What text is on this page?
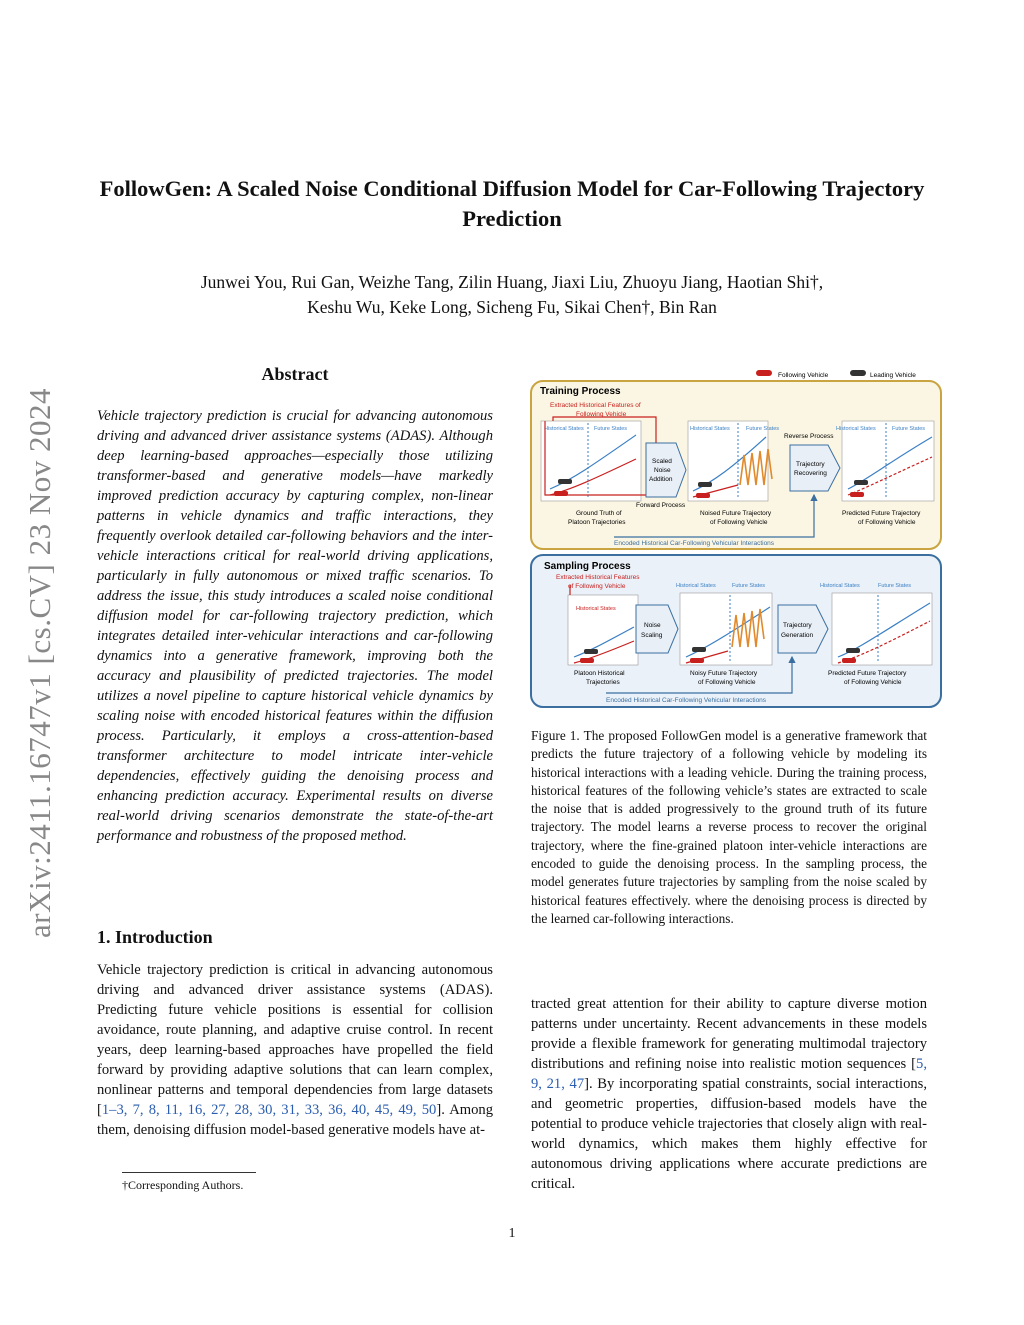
FollowGen: A Scaled Noise Conditional Diffusion Model for Car-Following Trajectory Prediction
Junwei You, Rui Gan, Weizhe Tang, Zilin Huang, Jiaxi Liu, Zhuoyu Jiang, Haotian Shi†,
Keshu Wu, Keke Long, Sicheng Fu, Sikai Chen†, Bin Ran
arXiv:2411.16747v1 [cs.CV] 23 Nov 2024
Abstract
Vehicle trajectory prediction is crucial for advancing autonomous driving and advanced driver assistance systems (ADAS). Although deep learning-based approaches—especially those utilizing transformer-based and generative models—have markedly improved prediction accuracy by capturing complex, non-linear patterns in vehicle dynamics and traffic interactions, they frequently overlook detailed car-following behaviors and the inter-vehicle interactions critical for real-world driving applications, particularly in fully autonomous or mixed traffic scenarios. To address the issue, this study introduces a scaled noise conditional diffusion model for car-following trajectory prediction, which integrates detailed inter-vehicular interactions and car-following dynamics into a generative framework, improving both the accuracy and plausibility of predicted trajectories. The model utilizes a novel pipeline to capture historical vehicle dynamics by scaling noise with encoded historical features within the diffusion process. Particularly, it employs a cross-attention-based transformer architecture to model intricate inter-vehicle dependencies, effectively guiding the denoising process and enhancing prediction accuracy. Experimental results on diverse real-world driving scenarios demonstrate the state-of-the-art performance and robustness of the proposed method.
1. Introduction
Vehicle trajectory prediction is critical in advancing autonomous driving and advanced driver assistance systems (ADAS). Predicting future vehicle positions is essential for collision avoidance, route planning, and adaptive cruise control. In recent years, deep learning-based approaches have propelled the field forward by providing adaptive solutions that can learn complex, nonlinear patterns and temporal dependencies from large datasets [1–3, 7, 8, 11, 16, 27, 28, 30, 31, 33, 36, 40, 45, 49, 50]. Among them, denoising diffusion model-based generative models have at-
†Corresponding Authors.
Following Vehicle	Leading Vehicle
Training Process
Extracted Historical Features of
Following Vehicle
Historical States Future States
Scaled
Noise
Addition
Historical States	Future States
Reverse Process
Trajectory
Recovering
Historical States	Future States
Forward Process
Ground Truth of
Platoon Trajectories
Noised Future Trajectory
of Following Vehicle
Predicted Future Trajectory
of Following Vehicle
Encoded Historical Car-Following Vehicular Interactions
Sampling Process
Extracted Historical Features
of Following Vehicle
Historical States
Noise
Scaling
Historical States	Future States
Trajectory
Generation
Historical States	Future States
Platoon Historical
Trajectories
Noisy Future Trajectory
of Following Vehicle
Predicted Future Trajectory
of Following Vehicle
Encoded Historical Car-Following Vehicular Interactions
Figure 1. The proposed FollowGen model is a generative framework that predicts the future trajectory of a following vehicle by modeling its historical interactions with a leading vehicle. During the training process, historical features of the following vehicle’s states are extracted to scale the noise that is added progressively to the ground truth of its future trajectory. The model learns a reverse process to recover the original trajectory, where the fine-grained platoon inter-vehicle interactions are encoded to guide the denoising process. In the sampling process, the model generates future trajectories by sampling from the noise scaled by historical features effectively. where the denoising process is directed by the learned car-following interactions.
tracted great attention for their ability to capture diverse motion patterns under uncertainty. Recent advancements in these models provide a flexible framework for generating multimodal trajectory distributions and refining noise into realistic motion sequences [5, 9, 21, 47]. By incorporating spatial constraints, social interactions, and geometric properties, diffusion-based models have the potential to produce vehicle trajectories that closely align with real-world dynamics, which makes them highly effective for autonomous driving applications where accurate predictions are critical.
1
